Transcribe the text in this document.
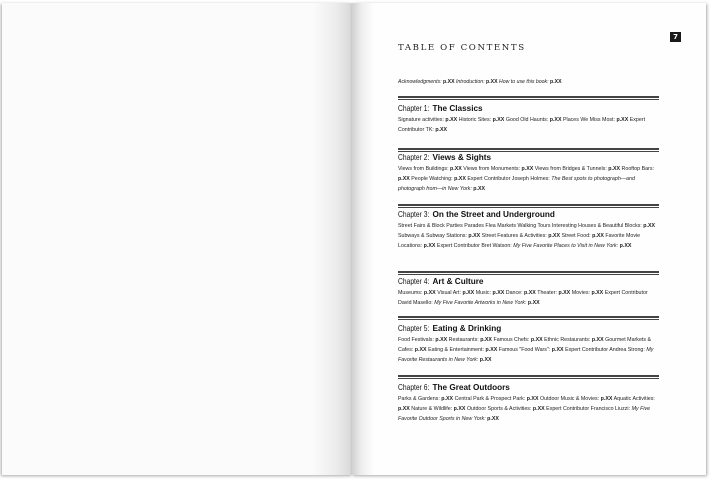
7
TABLE OF CONTENTS
Acknowledgments: p.XX Introduction: p.XX How to use this book: p.XX
Chapter 1: The Classics
Signature activities: p.XX Historic Sites: p.XX Good Old Haunts: p.XX Places We Miss Most: p.XX Expert Contributor TK: p.XX
Chapter 2: Views & Sights
Views from Buildings: p.XX Views from Monuments: p.XX Views from Bridges & Tunnels: p.XX Rooftop Bars: p.XX People Watching: p.XX Expert Contributor Joseph Holmes: The Best spots to photograph—and photograph from—in New York: p.XX
Chapter 3: On the Street and Underground
Street Fairs & Block Parties Parades Flea Markets Walking Tours Interesting Houses & Beautiful Blocks: p.XX Subways & Subway Stations: p.XX Street Features & Activities: p.XX Street Food: p.XX Favorite Movie Locations: p.XX Expert Contributor Bret Watson: My Five Favorite Places to Visit in New York: p.XX
Chapter 4: Art & Culture
Museums: p.XX Visual Art: p.XX Music: p.XX Dance: p.XX Theater: p.XX Movies: p.XX Expert Contributor David Masello: My Five Favorite Artworks in New York: p.XX
Chapter 5: Eating & Drinking
Food Festivals: p.XX Restaurants: p.XX Famous Chefs: p.XX Ethnic Restaurants: p.XX Gourmet Markets & Cafes: p.XX Eating & Entertainment: p.XX Famous "Food Wars": p.XX Expert Contributor Andrea Strong: My Favorite Restaurants in New York: p.XX
Chapter 6: The Great Outdoors
Parks & Gardens: p.XX Central Park & Prospect Park: p.XX Outdoor Music & Movies: p.XX Aquatic Activities: p.XX Nature & Wildlife: p.XX Outdoor Sports & Activities: p.XX Expert Contributor Francisco Liuzzi: My Five Favorite Outdoor Sports in New York: p.XX
